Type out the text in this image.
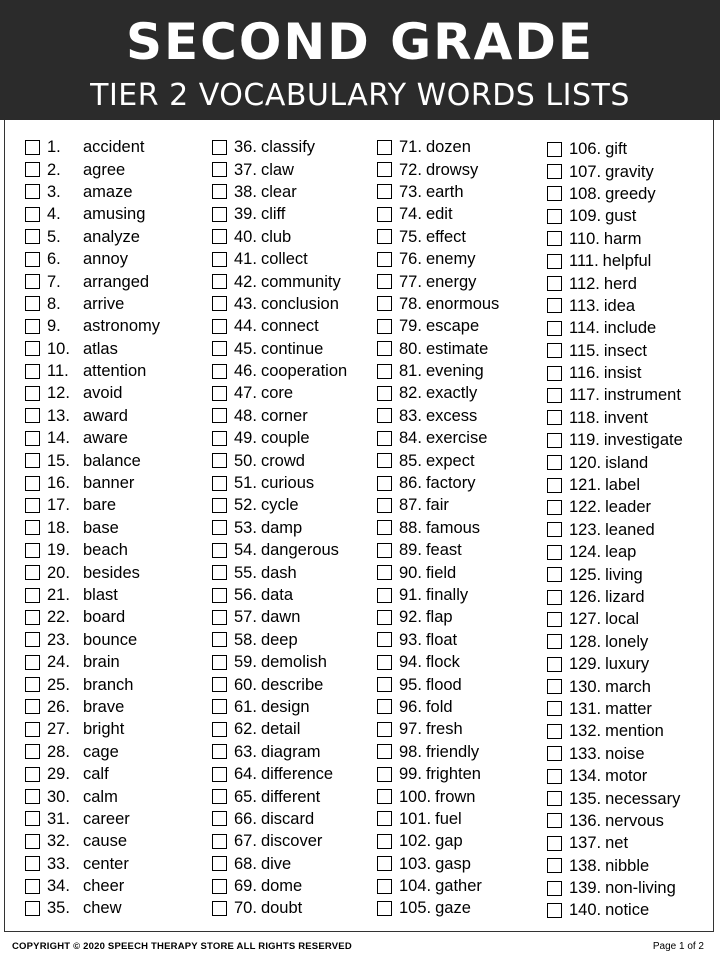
SECOND GRADE
TIER 2 VOCABULARY WORDS LISTS
1.	accident
2.	agree
3.	amaze
4.	amusing
5.	analyze
6.	annoy
7.	arranged
8.	arrive
9.	astronomy
10. atlas
11. attention
12. avoid
13. award
14. aware
15. balance
16. banner
17. bare
18. base
19. beach
20. besides
21. blast
22. board
23. bounce
24. brain
25. branch
26. brave
27. bright
28. cage
29. calf
30. calm
31. career
32. cause
33. center
34. cheer
35. chew
36. classify
37. claw
38. clear
39. cliff
40. club
41. collect
42. community
43. conclusion
44. connect
45. continue
46. cooperation
47. core
48. corner
49. couple
50. crowd
51. curious
52. cycle
53. damp
54. dangerous
55. dash
56. data
57. dawn
58. deep
59. demolish
60. describe
61. design
62. detail
63. diagram
64. difference
65. different
66. discard
67. discover
68. dive
69. dome
70. doubt
71. dozen
72. drowsy
73. earth
74. edit
75. effect
76. enemy
77. energy
78. enormous
79. escape
80. estimate
81. evening
82. exactly
83. excess
84. exercise
85. expect
86. factory
87. fair
88. famous
89. feast
90. field
91. finally
92. flap
93. float
94. flock
95. flood
96. fold
97. fresh
98. friendly
99. frighten
100. frown
101. fuel
102. gap
103. gasp
104. gather
105. gaze
106. gift
107. gravity
108. greedy
109. gust
110. harm
111. helpful
112. herd
113. idea
114. include
115. insect
116. insist
117. instrument
118. invent
119. investigate
120. island
121. label
122. leader
123. leaned
124. leap
125. living
126. lizard
127. local
128. lonely
129. luxury
130. march
131. matter
132. mention
133. noise
134. motor
135. necessary
136. nervous
137. net
138. nibble
139. non-living
140. notice
COPYRIGHT © 2020 SPEECH THERAPY STORE ALL RIGHTS RESERVED	Page 1 of 2
